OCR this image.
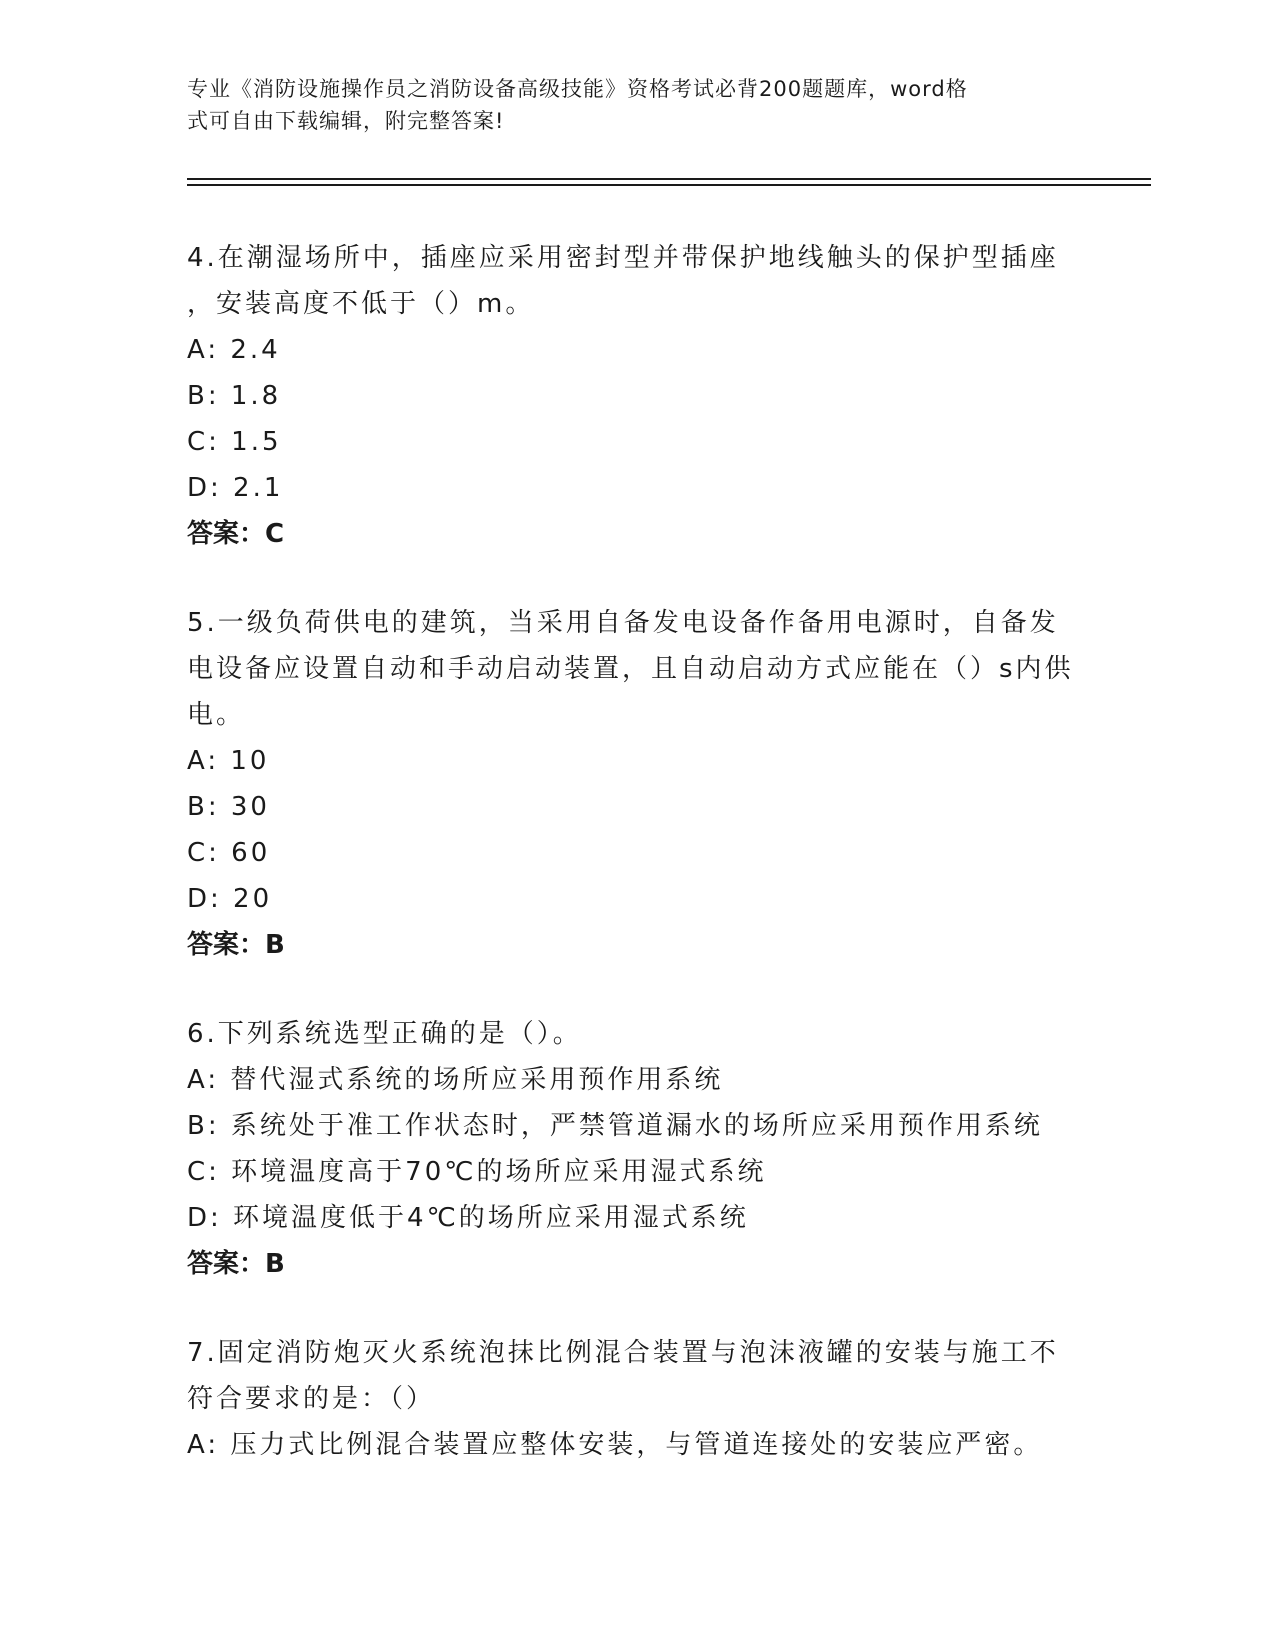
专业《消防设施操作员之消防设备高级技能》资格考试必背200题题库，word格

式可自由下载编辑，附完整答案!

4.在潮湿场所中，插座应采用密封型并带保护地线触头的保护型插座

，安装高度不低于（）m。

A: 2.4

B: 1.8

C: 1.5

D: 2.1

答案：C

5.一级负荷供电的建筑，当采用自备发电设备作备用电源时，自备发

电设备应设置自动和手动启动装置，且自动启动方式应能在（）s内供

电。

A: 10

B: 30

C: 60

D: 20

答案：B

6.下列系统选型正确的是（）。

A: 替代湿式系统的场所应采用预作用系统

B: 系统处于准工作状态时，严禁管道漏水的场所应采用预作用系统

C: 环境温度高于70℃的场所应采用湿式系统

D: 环境温度低于4℃的场所应采用湿式系统

答案：B

7.固定消防炮灭火系统泡抹比例混合装置与泡沫液罐的安装与施工不

符合要求的是：（）

A: 压力式比例混合装置应整体安装，与管道连接处的安装应严密。
